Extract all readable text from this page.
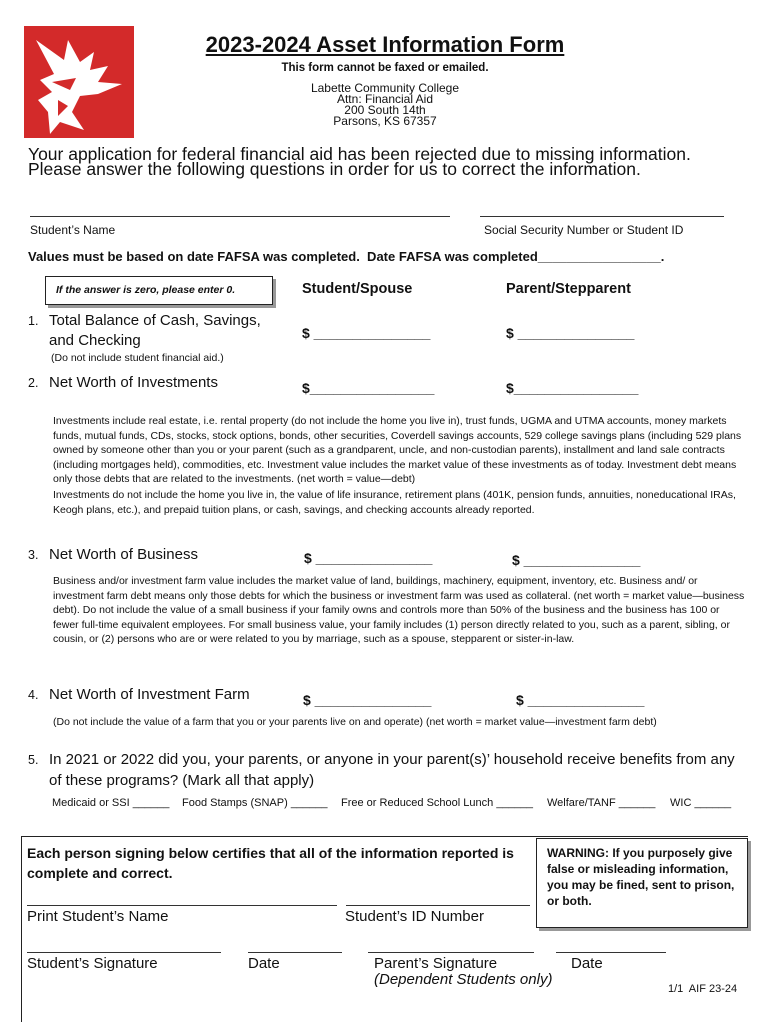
2023-2024 Asset Information Form
This form cannot be faxed or emailed.
Labette Community College
Attn: Financial Aid
200 South 14th
Parsons, KS 67357
Your application for federal financial aid has been rejected due to missing information.
Please answer the following questions in order for us to correct the information.
Student’s Name	Social Security Number or Student ID
Values must be based on date FAFSA was completed.  Date FAFSA was completed_________________.
If the answer is zero, please enter 0.	Student/Spouse	Parent/Stepparent
1. Total Balance of Cash, Savings, and Checking	$ _______________	$ _______________
(Do not include student financial aid.)
2. Net Worth of Investments	$________________	$________________
Investments include real estate, i.e. rental property (do not include the home you live in), trust funds, UGMA and UTMA accounts, money markets funds, mutual funds, CDs, stocks, stock options, bonds, other securities, Coverdell savings accounts, 529 college savings plans (including 529 plans owned by someone other than you or your parent (such as a grandparent, uncle, and non-custodian parents), installment and land sale contracts (including mortgages held), commodities, etc. Investment value includes the market value of these investments as of today. Investment debt means only those debts that are related to the investments. (net worth = value—debt)
Investments do not include the home you live in, the value of life insurance, retirement plans (401K, pension funds, annuities, noneducational IRAs, Keogh plans, etc.), and prepaid tuition plans, or cash, savings, and checking accounts already reported.
3. Net Worth of Business	$ _______________	$ _______________
Business and/or investment farm value includes the market value of land, buildings, machinery, equipment, inventory, etc. Business and/ or investment farm debt means only those debts for which the business or investment farm was used as collateral. (net worth = market value—business debt). Do not include the value of a small business if your family owns and controls more than 50% of the business and the business has 100 or fewer full-time equivalent employees. For small business value, your family includes (1) person directly related to you, such as a parent, sibling, or cousin, or (2) persons who are or were related to you by marriage, such as a spouse, stepparent or sister-in-law.
4. Net Worth of Investment Farm	$ _______________	$ _______________
(Do not include the value of a farm that you or your parents live on and operate) (net worth = market value—investment farm debt)
5. In 2021 or 2022 did you, your parents, or anyone in your parent(s)’ household receive benefits from any of these programs? (Mark all that apply)
Medicaid or SSI ______ Food Stamps (SNAP) ______ Free or Reduced School Lunch ______ Welfare/TANF ______ WIC ______
Each person signing below certifies that all of the information reported is complete and correct.
WARNING: If you purposely give false or misleading information, you may be fined, sent to prison, or both.
Print Student’s Name	Student’s ID Number
Student’s Signature	Date	Parent’s Signature
(Dependent Students only)
Date
1/1  AIF 23-24
